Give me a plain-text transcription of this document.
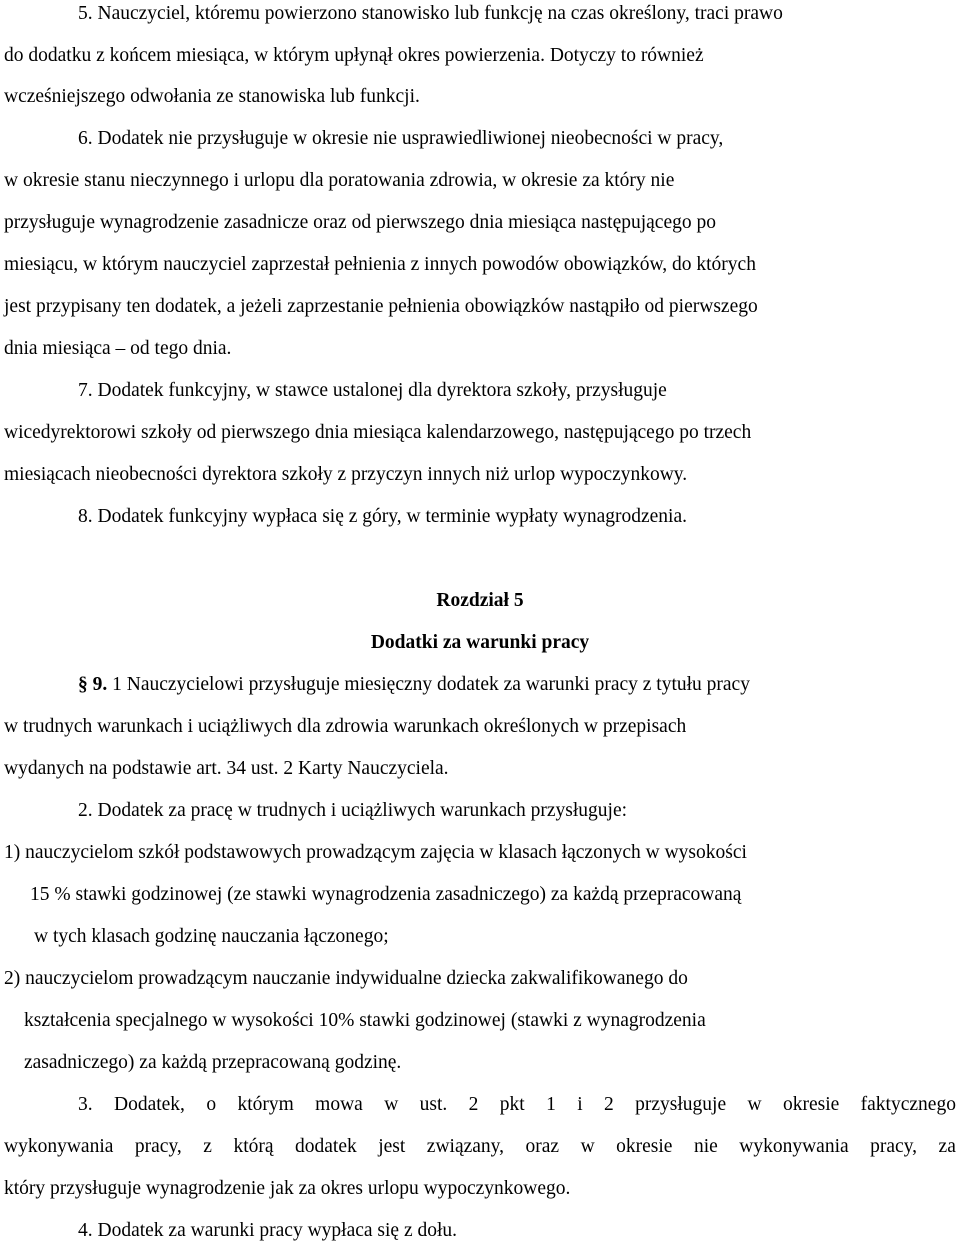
5. Nauczyciel, któremu powierzono stanowisko lub funkcję na czas określony, traci prawo
do dodatku z końcem miesiąca, w którym upłynął okres powierzenia. Dotyczy to również
wcześniejszego odwołania ze stanowiska lub funkcji.
6. Dodatek nie przysługuje w okresie nie usprawiedliwionej nieobecności w pracy,
w okresie stanu nieczynnego i urlopu dla poratowania zdrowia, w okresie za który nie
przysługuje wynagrodzenie zasadnicze oraz od pierwszego dnia miesiąca następującego po
miesiącu, w którym nauczyciel zaprzestał pełnienia z innych powodów obowiązków, do których
jest przypisany ten dodatek, a jeżeli zaprzestanie pełnienia obowiązków nastąpiło od pierwszego
dnia miesiąca – od tego dnia.
7. Dodatek funkcyjny, w stawce ustalonej dla dyrektora szkoły, przysługuje
wicedyrektorowi szkoły od pierwszego dnia miesiąca kalendarzowego, następującego po trzech
miesiącach nieobecności dyrektora szkoły z przyczyn innych niż urlop wypoczynkowy.
8. Dodatek funkcyjny wypłaca się z góry, w terminie wypłaty wynagrodzenia.
Rozdział 5
Dodatki za warunki pracy
§ 9. 1 Nauczycielowi przysługuje miesięczny dodatek za warunki pracy z tytułu pracy
w trudnych warunkach i uciążliwych dla zdrowia warunkach określonych w przepisach
wydanych na podstawie art. 34 ust. 2 Karty Nauczyciela.
2. Dodatek za pracę w trudnych i uciążliwych warunkach przysługuje:
1) nauczycielom szkół podstawowych prowadzącym zajęcia w klasach łączonych w wysokości
15 % stawki godzinowej (ze stawki wynagrodzenia zasadniczego) za każdą przepracowaną
w tych klasach godzinę nauczania łączonego;
2) nauczycielom prowadzącym nauczanie indywidualne dziecka zakwalifikowanego do
kształcenia specjalnego w wysokości 10% stawki godzinowej (stawki z wynagrodzenia
zasadniczego) za każdą przepracowaną godzinę.
3. Dodatek, o którym mowa w ust. 2 pkt 1 i 2 przysługuje w okresie faktycznego
wykonywania pracy, z którą dodatek jest związany, oraz w okresie nie wykonywania pracy, za
który przysługuje wynagrodzenie jak za okres urlopu wypoczynkowego.
4. Dodatek za warunki pracy wypłaca się z dołu.
